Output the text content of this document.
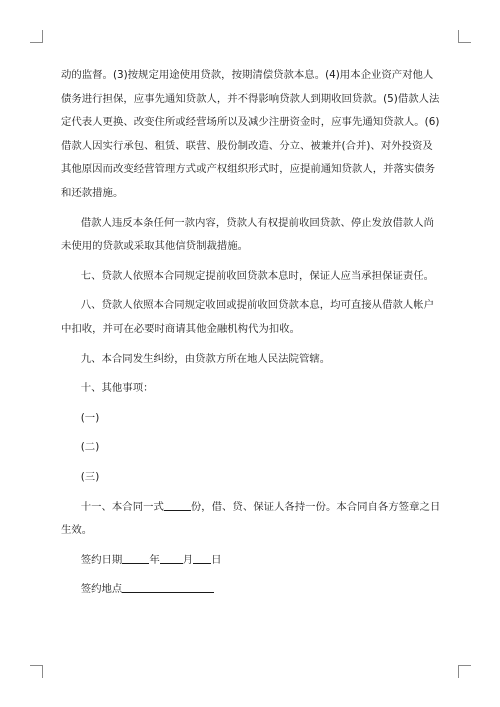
动的监督。(3)按规定用途使用贷款，按期清偿贷款本息。(4)用本企业资产对他人债务进行担保，应事先通知贷款人，并不得影响贷款人到期收回贷款。(5)借款人法定代表人更换、改变住所或经营场所以及减少注册资金时，应事先通知贷款人。(6)借款人因实行承包、租赁、联营、股份制改造、分立、被兼并(合并)、对外投资及其他原因而改变经营管理方式或产权组织形式时，应提前通知贷款人，并落实债务和还款措施。

借款人违反本条任何一款内容，贷款人有权提前收回贷款、停止发放借款人尚未使用的贷款或采取其他信贷制裁措施。

七、贷款人依照本合同规定提前收回贷款本息时，保证人应当承担保证责任。

八、贷款人依照本合同规定收回或提前收回贷款本息，均可直接从借款人帐户中扣收，并可在必要时商请其他金融机构代为扣收。

九、本合同发生纠纷，由贷款方所在地人民法院管辖。

十、其他事项：

(一)

(二)

(三)

十一、本合同一式	份，借、贷、保证人各持一份。本合同自各方签章之日生效。

签约日期	年 月 日

签约地点
